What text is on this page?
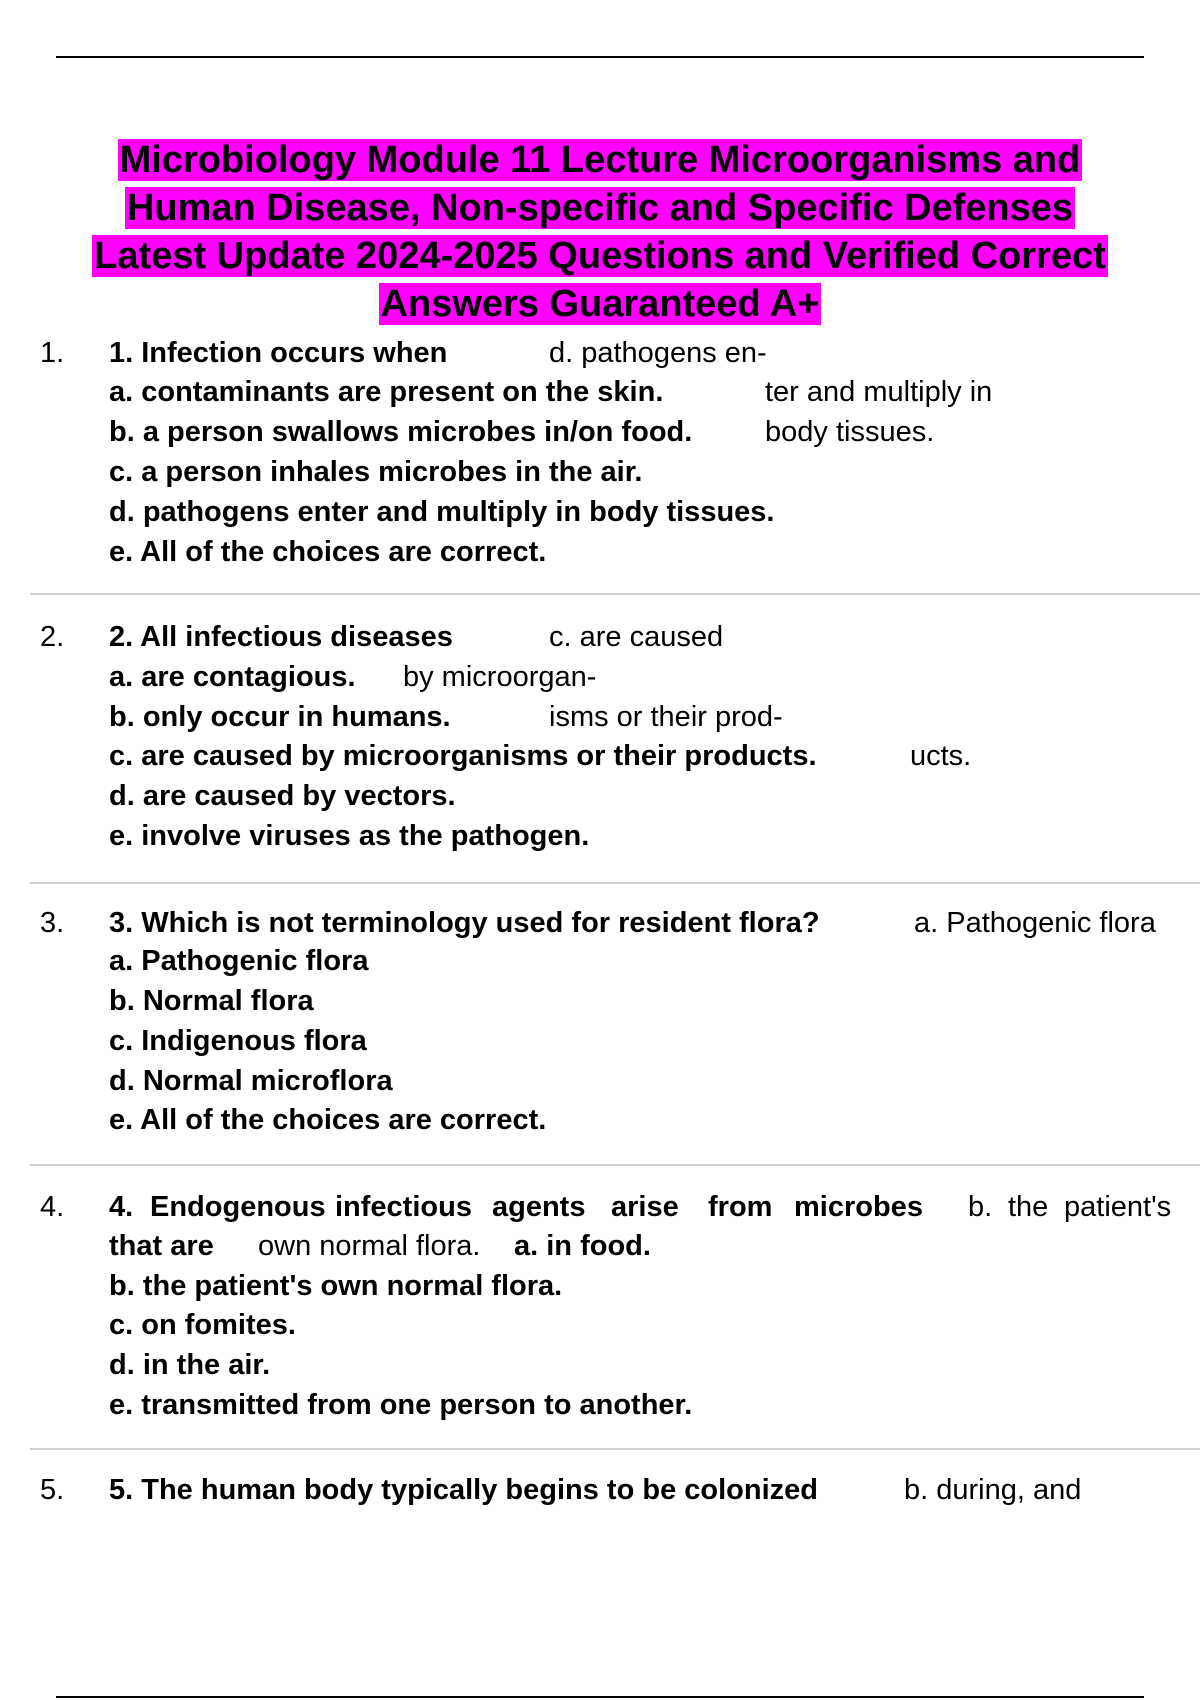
Microbiology Module 11 Lecture Microorganisms and
Human Disease, Non-specific and Specific Defenses
Latest Update 2024-2025 Questions and Verified Correct
Answers Guaranteed A+
1. 1. Infection occurs when
a. contaminants are present on the skin.
b. a person swallows microbes in/on food.
c. a person inhales microbes in the air.
d. pathogens enter and multiply in body tissues.
e. All of the choices are correct.
d. pathogens en-
ter and multiply in
body tissues.
2. 2. All infectious diseases
a. are contagious.
b. only occur in humans.
c. are caused by microorganisms or their products.
d. are caused by vectors.
e. involve viruses as the pathogen.
c. are caused
by microorgan-
isms or their prod-
ucts.
3. 3. Which is not terminology used for resident flora?	a. Pathogenic flora
a. Pathogenic flora
b. Normal flora
c. Indigenous flora
d. Normal microflora
e. All of the choices are correct.
4. 4. Endogenous infectious agents arise from microbes b. the patient's
that are own normal flora. a. in food.
b. the patient's own normal flora.
c. on fomites.
d. in the air.
e. transmitted from one person to another.
5. 5. The human body typically begins to be colonized	b. during, and
